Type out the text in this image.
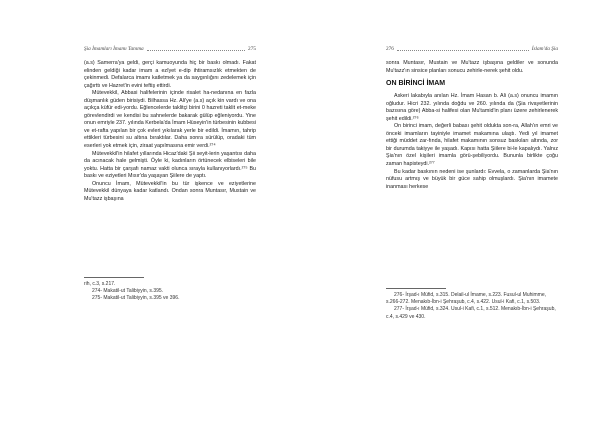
Şia İmamları İmamı Tanıma	275

(a.s) Samerra'ya geldi, gerçi kamuoyunda hiç bir baskı olmadı. Fakat elinden geldiği kadar imam a ezîyet e-dip ihtiramsızlık etmekten de çekinmedi. Defalarca imamı katletmek ya da saygınlığını zedelemek için çağırttı ve Hazret'in evini teftiş ettirdi.

Mütevekkil, Abbasi halifelerinin içinde risalet ha-nedanına en fazla düşmanlık güden birisiydi. Bilhassa Hz. Ali'ye (a.s) açık kin vardı ve ona açıkça küfür edi-yordu. Eğlencelerde taklitçi birini 0 hazreti taklit et-meke görevlendirdi ve kendisi bu sahnelerde bakarak gülüp eğleniyordu. Yine onun emriyle 237. yılında Kerbela'da İmam Hüseyin'in türbesinin kubbesi ve et-rafta yapılan bir çok evleri yıkılarak yerle bir edildi. İmamın, tahrip ettikleri türbesini su altına bıraktılar. Daha sonra sürülüp, oradaki tüm eserleri yok etmek için, ziraat yapılmasına emir verdi.²⁷⁴

Mütevekkil'in hilafet yıllarında Hicaz'daki Şii seyit-lerin yaşantısı daha da acınacak hale gelmişti. Öyle ki, kadınların örtünecek elbiseleri bile yoktu. Hatta bir çarşafı namaz vakti olunca sırayla kullanıyorlardı.²⁷⁵ Bu baskı ve eziyetleri Mısır'da yaşayan Şiilere de yaptı.

Onuncu İmam, Mütevekkil'in bu tür işkence ve eziyetlerine Mütevekkil dünyaya kadar katlandı. Ondan sonra Muntasır, Mustain ve Mu'tazz işbaşına

rih, c.3, s.217.

274- Makatil-ut Talibiyyin, s.395.

275- Makatil-ut Talibiyyin, s.395 ve 396.

276	İslam'da Şia

sonra Muntasır, Mustain ve Mu'tazz işbaşına geldiler ve sonunda Mu'tazz'ın sinsice planları sonucu zehirle-nerek şehit oldu.

ON BİRİNCİ İMAM

Askeri lakabıyla anılan Hz. İmam Hasan b. Ali (a.s) onuncu imamın oğludur. Hicri 232. yılında doğdu ve 260. yılında da (Şia rivayetlerinin bazısına göre) Abba-si halifesi olan Mu'tamid'in planı üzere zehirlenerek şehit edildi.²⁷⁶

On birinci imam, değerli babası şehit oldukta son-ra, Allah'ın emri ve önceki imamların tayiniyle imamet makamına ulaştı. Yedi yıl imamet ettiği müddet zar-fında, hilafet makamının sonsuz baskıları altında, zor bir durumda takiyye ile yaşadı. Kapısı hatta Şiilere bi-le kapalıydı. Yalnız Şia'nın özel kişileri imamla görü-şebiliyordu. Bununla birlikte çoğu zaman hapisteydi.²⁷⁷

Bu kadar baskının nedeni ise şunlardı: Evvela, o zamanlarda Şia'nın nüfusu artmış ve büyük bir güce sahip olmuşlardı. Şia'nın imamete inanması herkese

276- İrşad-ı Müfid, s.315. Delail-ul İmame, s.223. Fusul-ul Muhimme, s.266-272. Menakıb-İbn-i Şehraşub, c.4, s.422. Usul-i Kafi, c.1, s.503.

277- İrşad-ı Müfid, s.324. Usul-i Kafi, c.1, s.512. Menakıb-İbn-i Şehraşub, c.4, s.429 ve 430.
